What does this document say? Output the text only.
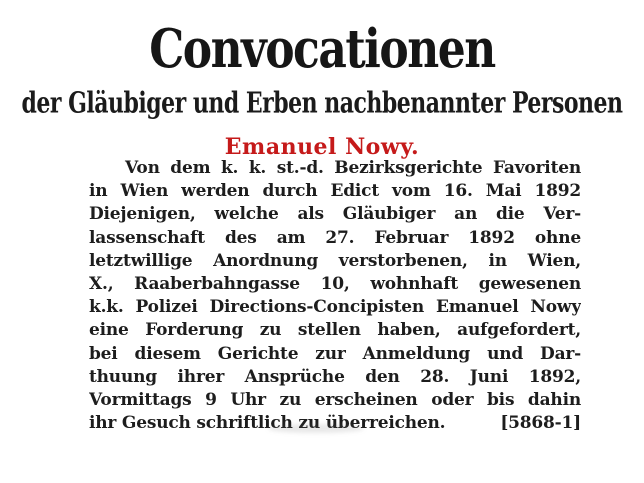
Convocationen
der Gläubiger und Erben nachbenannter Personen
Emanuel Nowy.
Von dem k. k. st.-d. Bezirksgerichte Favoriten
in Wien werden durch Edict vom 16. Mai 1892
Diejenigen, welche als Gläubiger an die Ver-
lassenschaft des am 27. Februar 1892 ohne
letztwillige Anordnung verstorbenen, in Wien,
X., Raaberbahngasse 10, wohnhaft gewesenen
k.k. Polizei Directions-Concipisten Emanuel Nowy
eine Forderung zu stellen haben, aufgefordert,
bei diesem Gerichte zur Anmeldung und Dar-
thuung ihrer Ansprüche den 28. Juni 1892,
Vormittags 9 Uhr zu erscheinen oder bis dahin
ihr Gesuch schriftlich zu überreichen.	[5868-1]
